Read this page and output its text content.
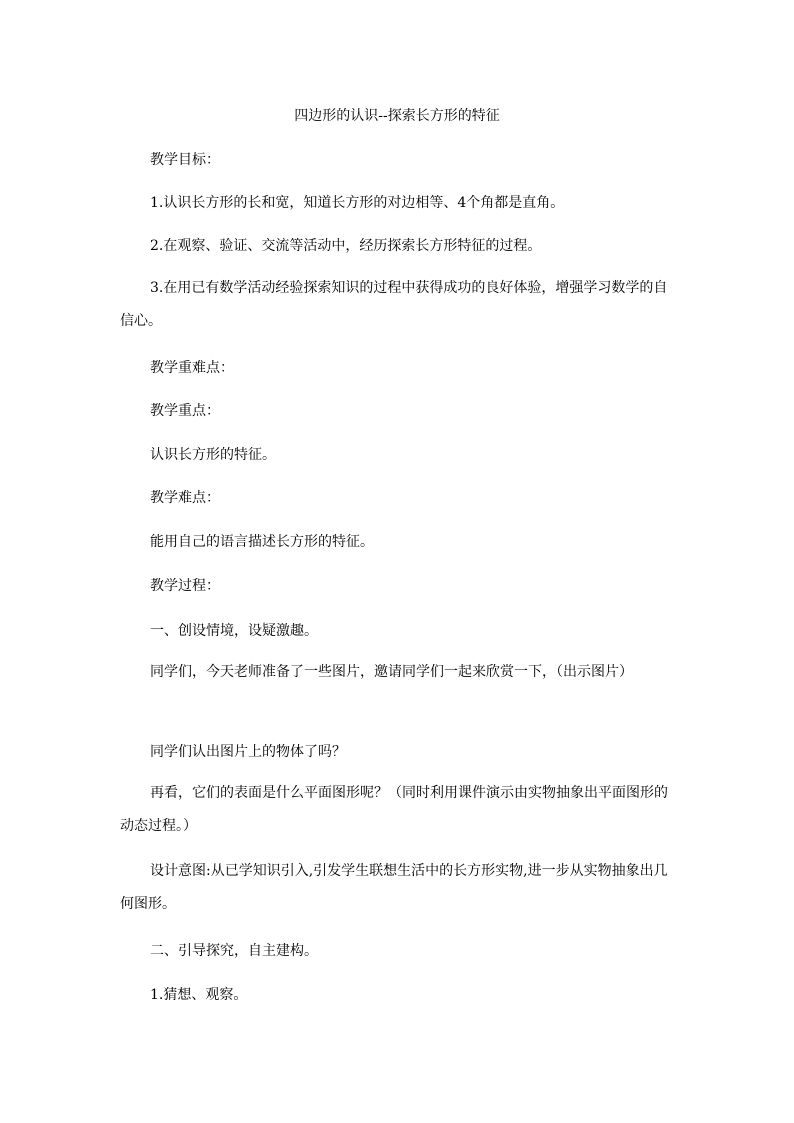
四边形的认识--探索长方形的特征
教学目标：
1.认识长方形的长和宽，知道长方形的对边相等、4个角都是直角。
2.在观察、验证、交流等活动中，经历探索长方形特征的过程。
3.在用已有数学活动经验探索知识的过程中获得成功的良好体验，增强学习数学的自信心。
教学重难点：
教学重点：
认识长方形的特征。
教学难点：
能用自己的语言描述长方形的特征。
教学过程：
一、创设情境，设疑激趣。
同学们，今天老师准备了一些图片，邀请同学们一起来欣赏一下，（出示图片）
同学们认出图片上的物体了吗？
再看，它们的表面是什么平面图形呢？（同时利用课件演示由实物抽象出平面图形的动态过程。）
设计意图:从已学知识引入,引发学生联想生活中的长方形实物,进一步从实物抽象出几何图形。
二、引导探究，自主建构。
1.猜想、观察。
